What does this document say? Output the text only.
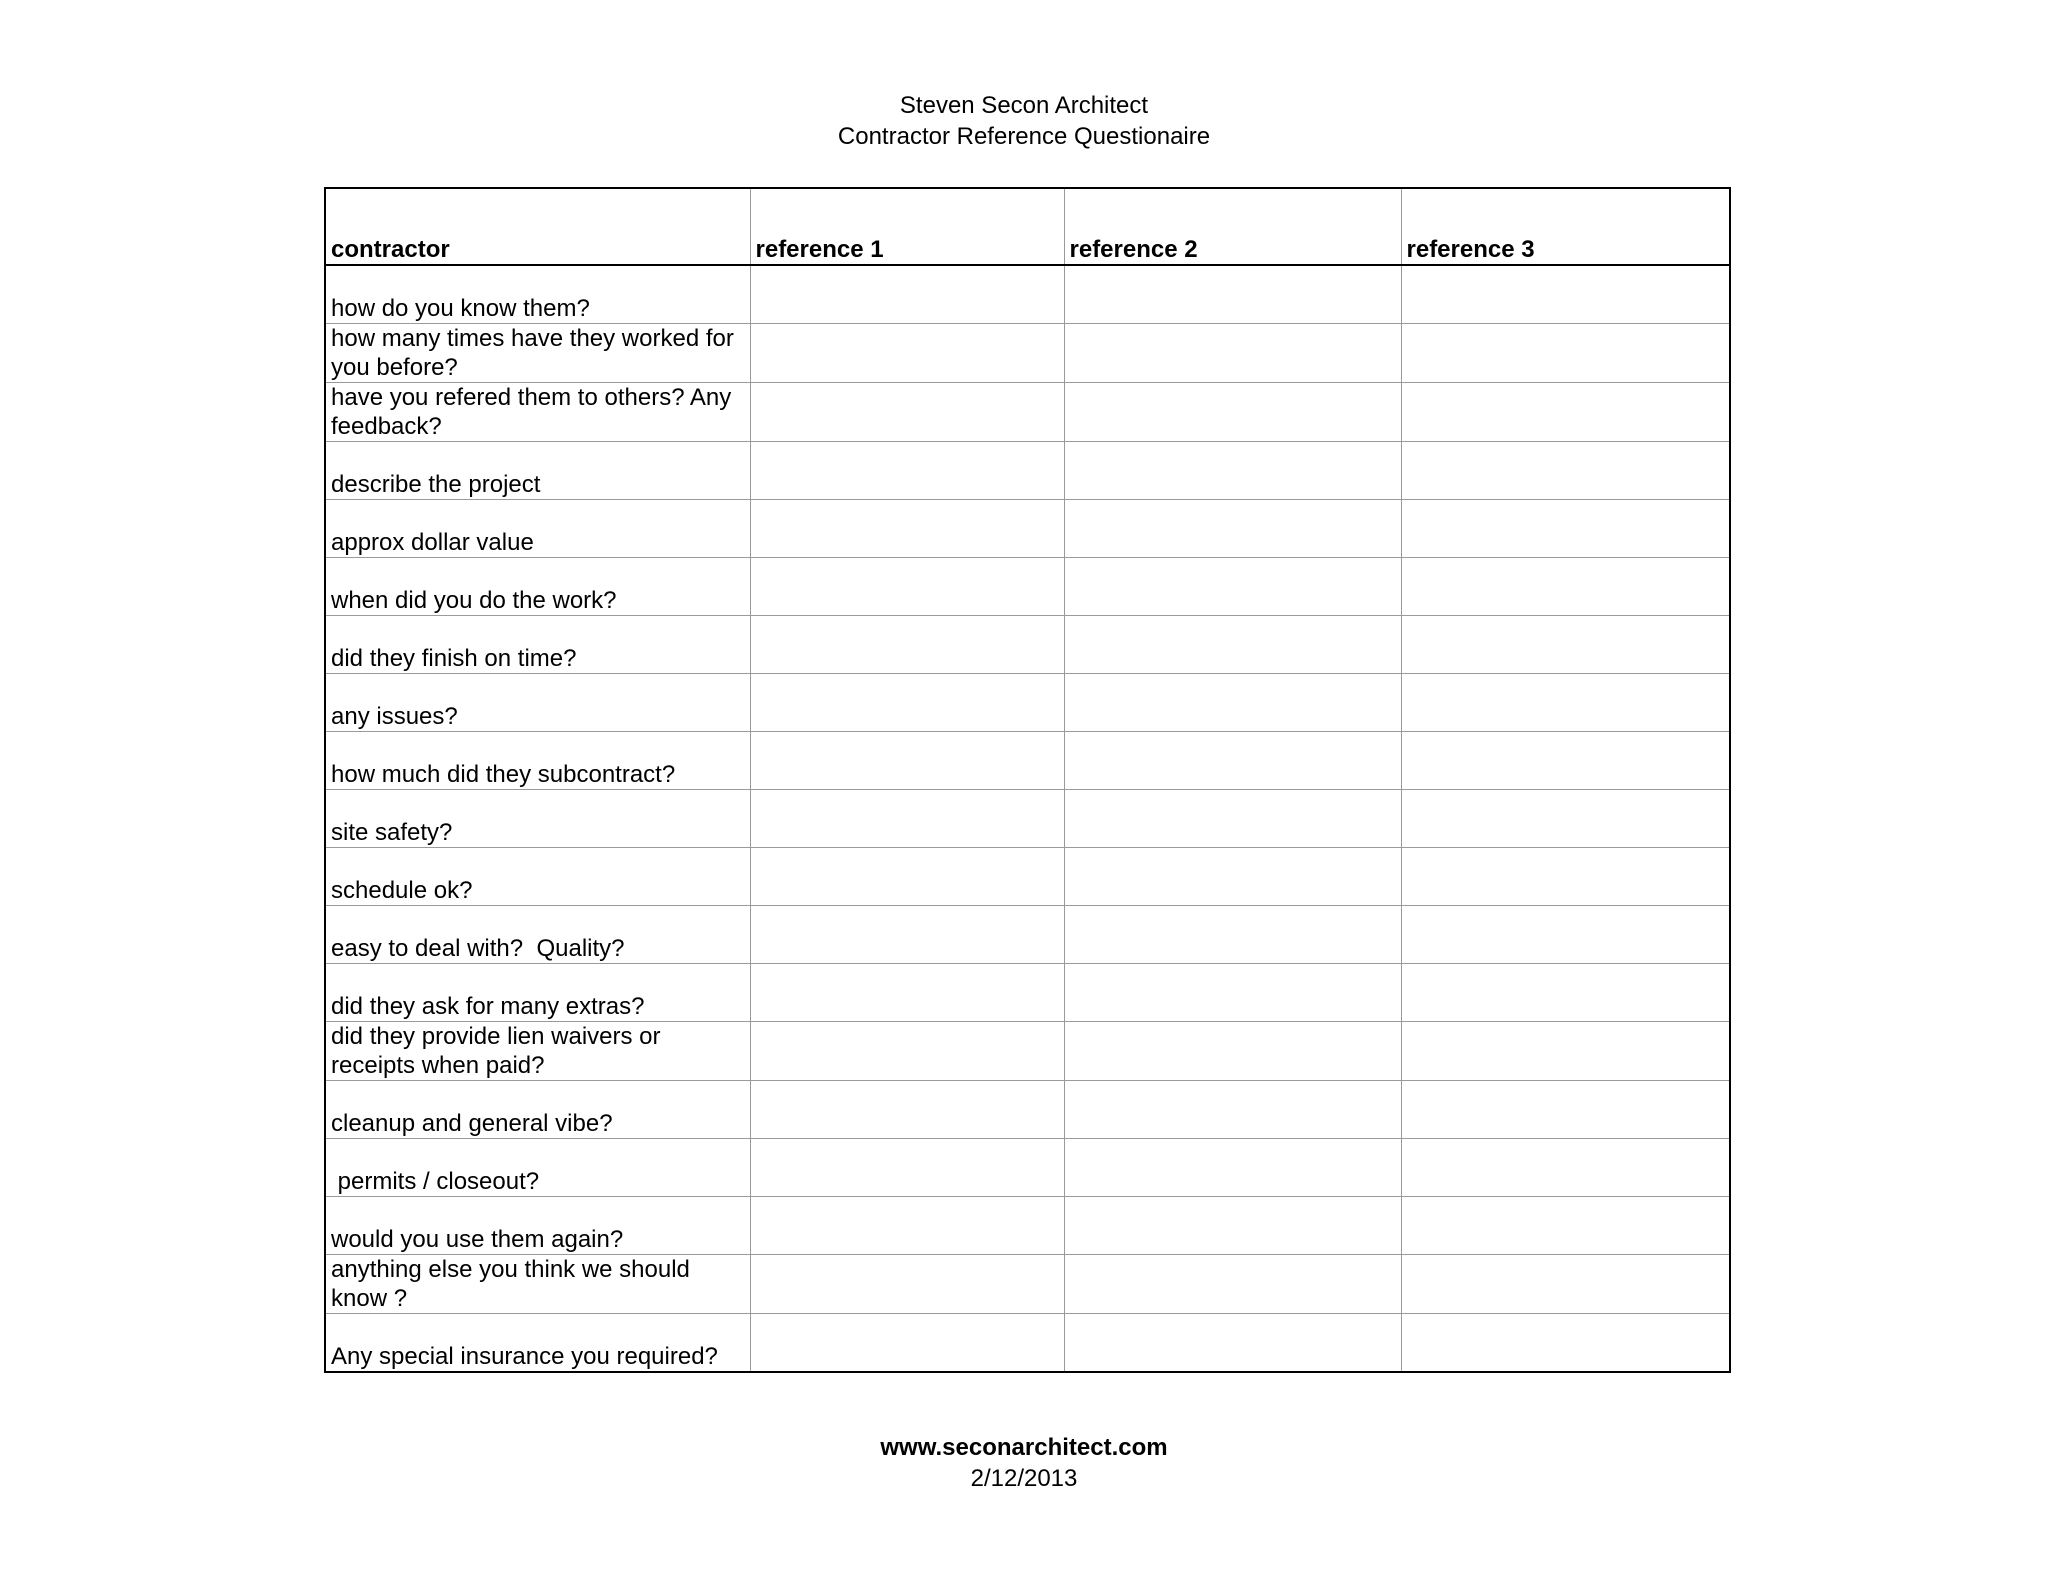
Steven Secon Architect
Contractor Reference Questionaire
contractor	reference 1	reference 2	reference 3

how do you know them?			

how many times have they worked for you before?			

have you refered them to others? Any feedback?			

describe the project			

approx dollar value			

when did you do the work?			

did they finish on time?			

any issues?			

how much did they subcontract?			

site safety?			

schedule ok?			

easy to deal with?  Quality?			

did they ask for many extras?			

did they provide lien waivers or receipts when paid?			

cleanup and general vibe?			

permits / closeout?			

would you use them again?			

anything else you think we should know ?			

Any special insurance you required?			

www.seconarchitect.com
2/12/2013
